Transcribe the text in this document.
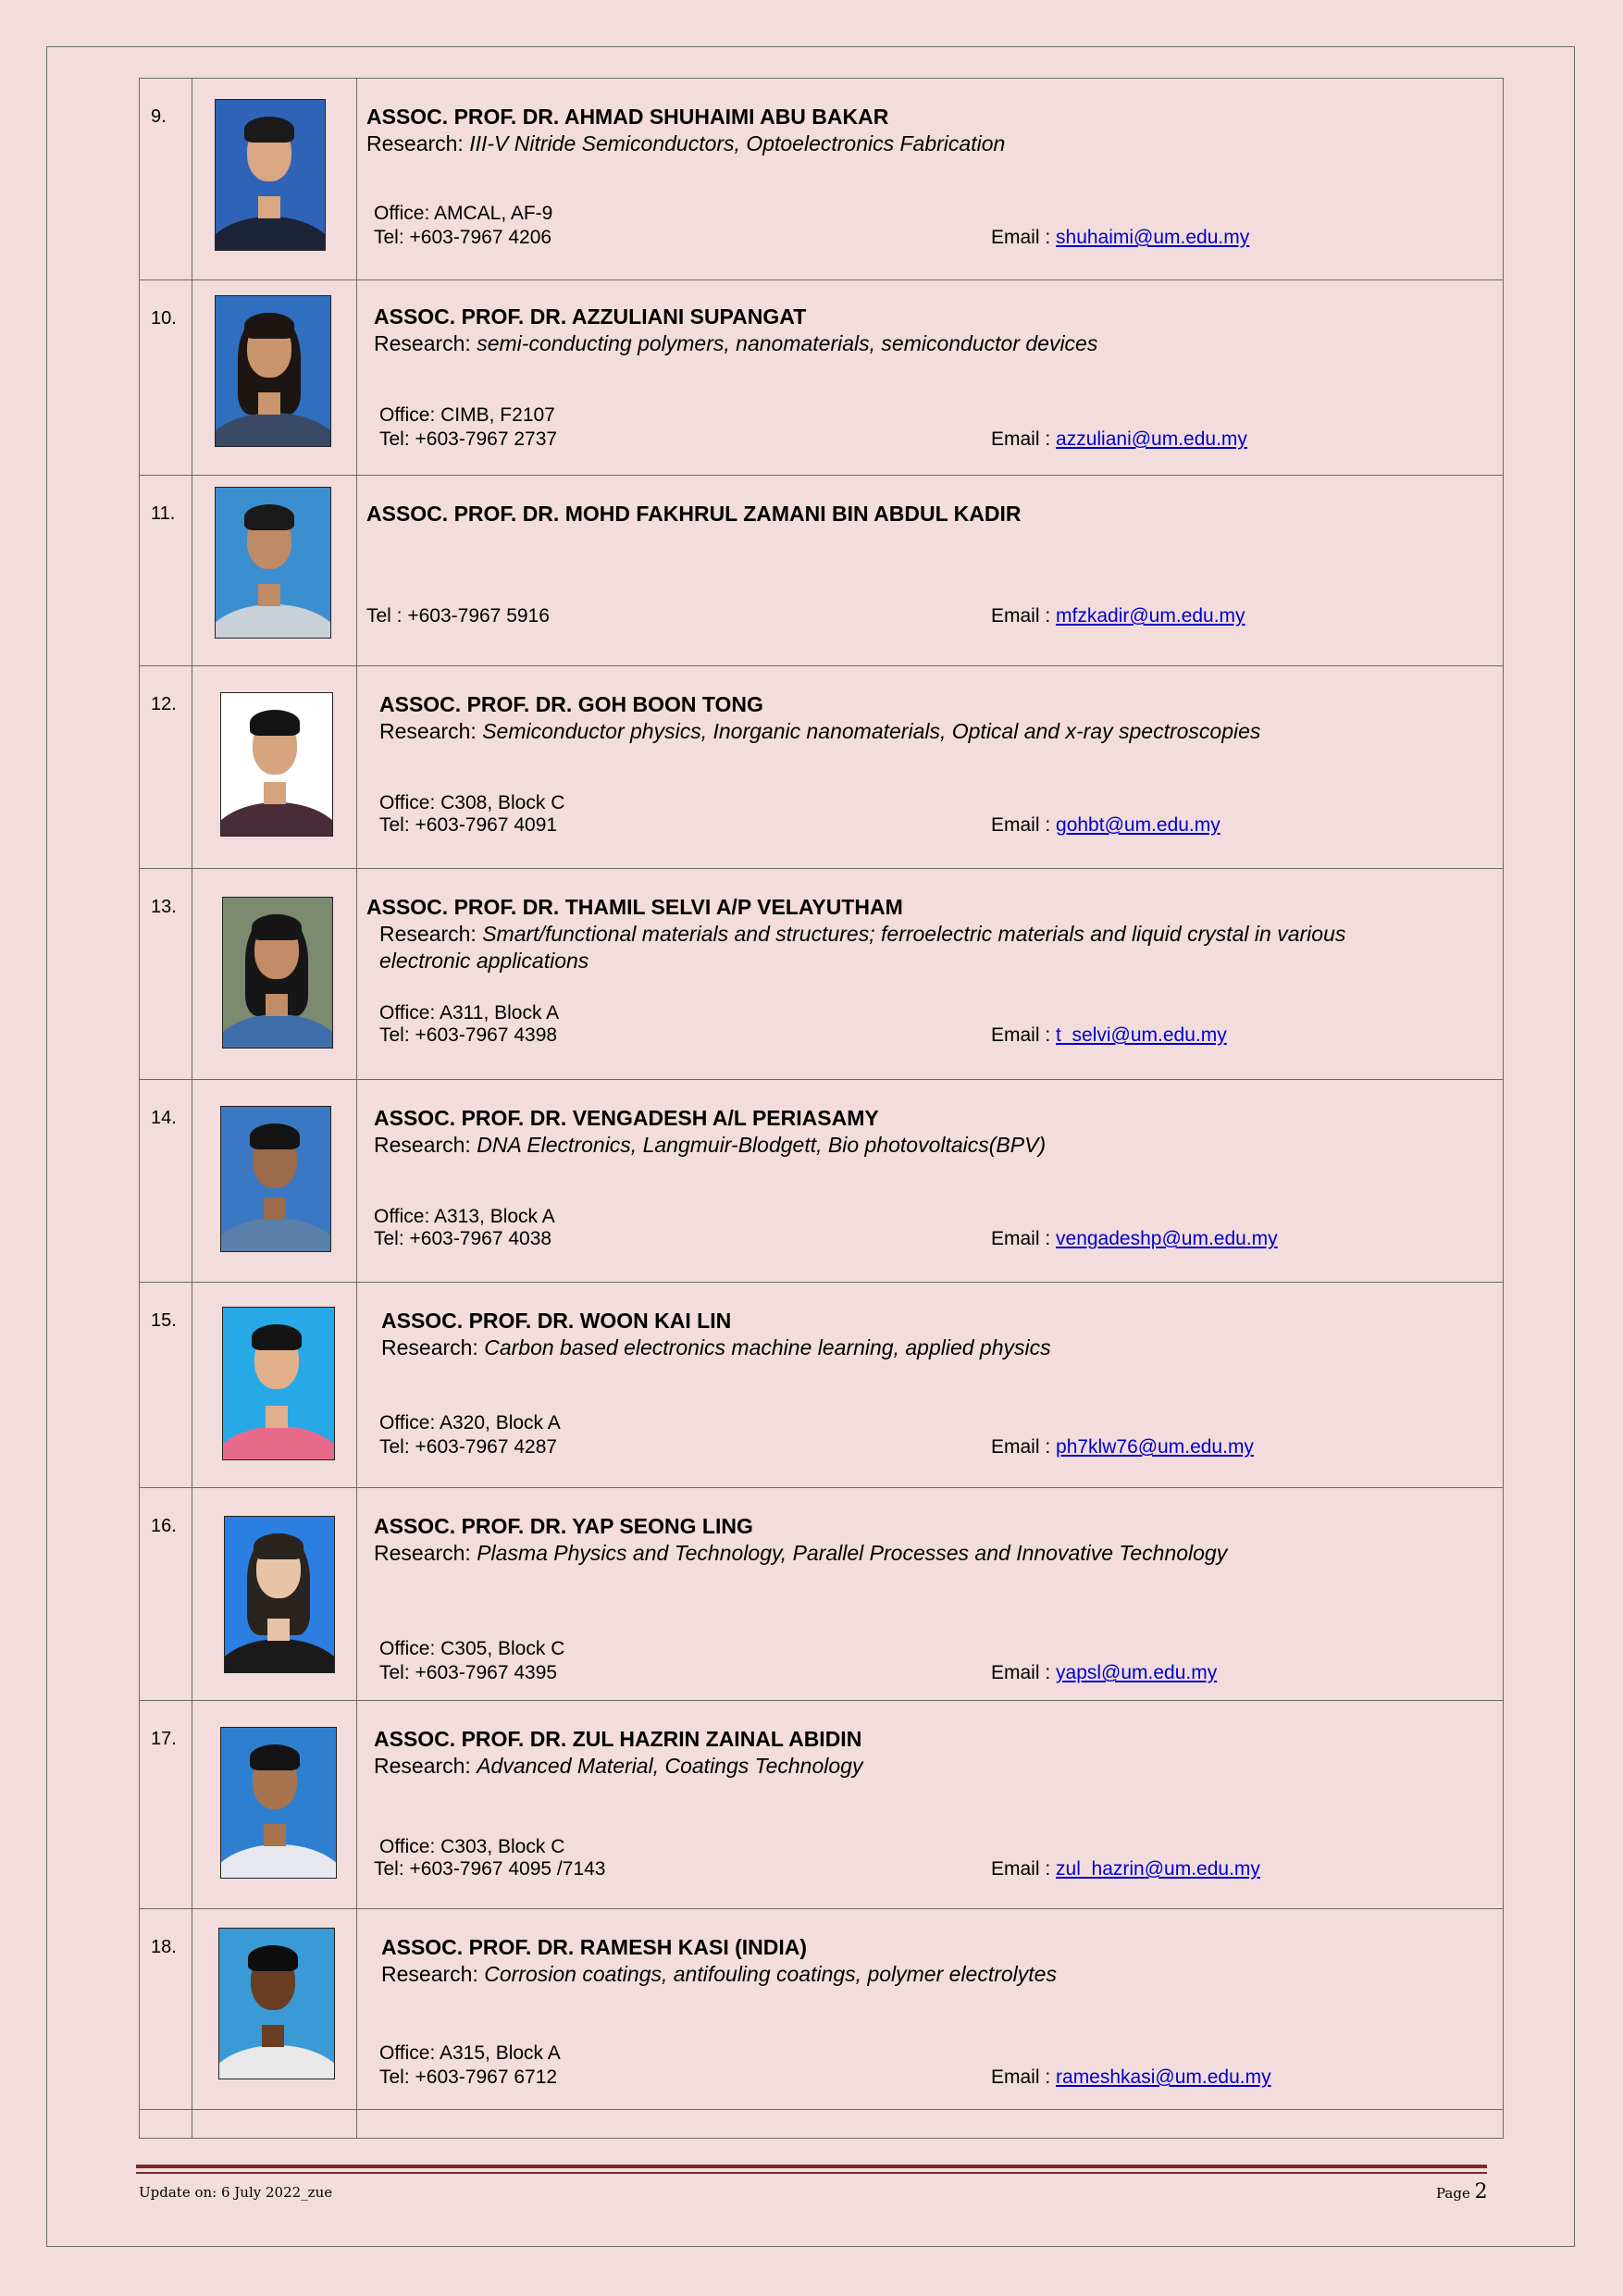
9.		ASSOC. PROF. DR. AHMAD SHUHAIMI ABU BAKAR
Research: III-V Nitride Semiconductors, Optoelectronics Fabrication
Office: AMCAL, AF-9
Tel: +603-7967 4206 Email : shuhaimi@um.edu.my

10.		ASSOC. PROF. DR. AZZULIANI SUPANGAT
Research: semi-conducting polymers, nanomaterials, semiconductor devices
Office: CIMB, F2107
Tel: +603-7967 2737 Email : azzuliani@um.edu.my

11.		ASSOC. PROF. DR. MOHD FAKHRUL ZAMANI BIN ABDUL KADIR
Tel : +603-7967 5916 Email : mfzkadir@um.edu.my

12.		ASSOC. PROF. DR. GOH BOON TONG
Research: Semiconductor physics, Inorganic nanomaterials, Optical and x-ray spectroscopies
Office: C308, Block C
Tel: +603-7967 4091 Email : gohbt@um.edu.my

13.		ASSOC. PROF. DR. THAMIL SELVI A/P VELAYUTHAM
Research: Smart/functional materials and structures; ferroelectric materials and liquid crystal in various electronic applications
Office: A311, Block A
Tel: +603-7967 4398 Email : t_selvi@um.edu.my

14.		ASSOC. PROF. DR. VENGADESH A/L PERIASAMY
Research: DNA Electronics, Langmuir-Blodgett, Bio photovoltaics(BPV)
Office: A313, Block A
Tel: +603-7967 4038 Email : vengadeshp@um.edu.my

15.		ASSOC. PROF. DR. WOON KAI LIN
Research: Carbon based electronics machine learning, applied physics
Office: A320, Block A
Tel: +603-7967 4287 Email : ph7klw76@um.edu.my

16.		ASSOC. PROF. DR. YAP SEONG LING
Research: Plasma Physics and Technology, Parallel Processes and Innovative Technology
Office: C305, Block C
Tel: +603-7967 4395 Email : yapsl@um.edu.my

17.		ASSOC. PROF. DR. ZUL HAZRIN ZAINAL ABIDIN
Research: Advanced Material, Coatings Technology
Office: C303, Block C
Tel: +603-7967 4095 /7143 Email : zul_hazrin@um.edu.my

18.		ASSOC. PROF. DR. RAMESH KASI (INDIA)
Research: Corrosion coatings, antifouling coatings, polymer electrolytes
Office: A315, Block A
Tel: +603-7967 6712 Email : rameshkasi@um.edu.my

Update on: 6 July 2022_zue	Page 2
